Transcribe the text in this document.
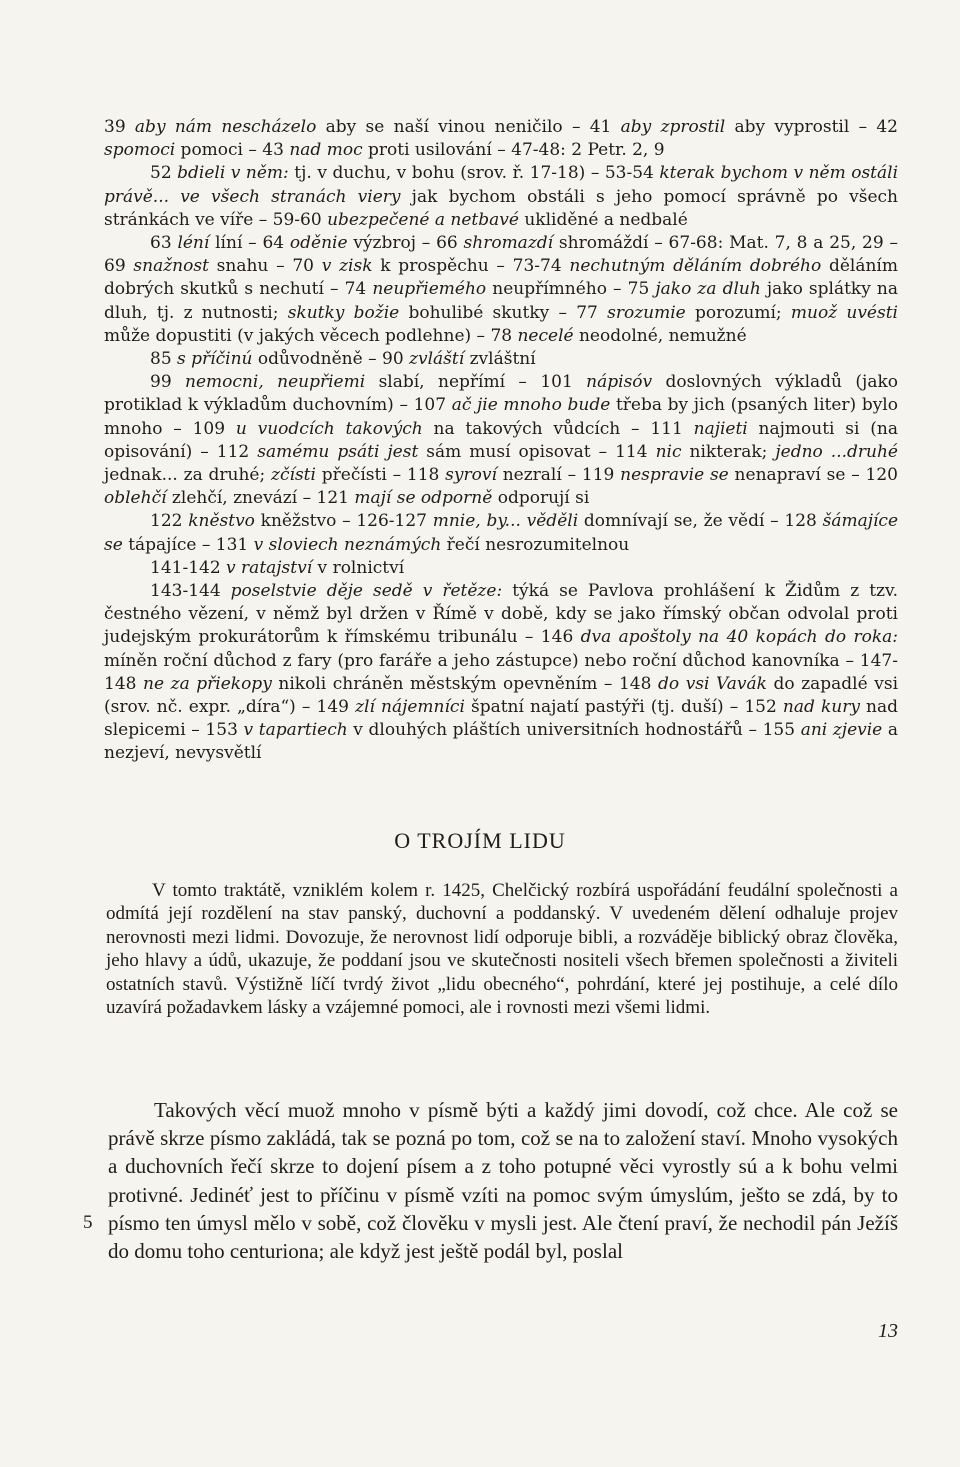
39 aby nám nescházelo aby se naší vinou neničilo – 41 aby zprostil aby vyprostil – 42 spomoci pomoci – 43 nad moc proti usilování – 47-48: 2 Petr. 2, 9

52 bdieli v něm: tj. v duchu, v bohu (srov. ř. 17-18) – 53-54 kterak bychom v něm ostáli právě... ve všech stranách viery jak bychom obstáli s jeho pomocí správně po všech stránkách ve víře – 59-60 ubezpečené a netbavé ukliděné a nedbalé

63 léní líní – 64 oděnie výzbroj – 66 shromazdí shromáždí – 67-68: Mat. 7, 8 a 25, 29 – 69 snažnost snahu – 70 v zisk k prospěchu – 73-74 nechutným děláním dobrého děláním dobrých skutků s nechutí – 74 neupřiemého neupřímného – 75 jako za dluh jako splátky na dluh, tj. z nutnosti; skutky božie bohulibé skutky – 77 srozumie porozumí; muož uvésti může dopustiti (v jakých věcech podlehne) – 78 necelé neodolné, nemužné

85 s příčinú odůvodněně – 90 zvláští zvláštní

99 nemocni, neupřiemi slabí, nepřímí – 101 nápisóv doslovných výkladů (jako protiklad k výkladům duchovním) – 107 ač jie mnoho bude třeba by jich (psaných liter) bylo mnoho – 109 u vuodcích takových na takových vůdcích – 111 najieti najmouti si (na opisování) – 112 samému psáti jest sám musí opisovat – 114 nic nikterak; jedno ...druhé jednak... za druhé; zčísti přečísti – 118 syroví nezralí – 119 nespravie se nenapraví se – 120 oblehčí zlehčí, znevází – 121 mají se odporně odporují si

122 kněstvo kněžstvo – 126-127 mnie, by... věděli domnívají se, že vědí – 128 šámajíce se tápajíce – 131 v sloviech neznámých řečí nesrozumitelnou

141-142 v ratajství v rolnictví

143-144 poselstvie děje sedě v řetěze: týká se Pavlova prohlášení k Židům z tzv. čestného vězení, v němž byl držen v Římě v době, kdy se jako římský občan odvolal proti judejským prokurátorům k římskému tribunálu – 146 dva apoštoly na 40 kopách do roka: míněn roční důchod z fary (pro faráře a jeho zástupce) nebo roční důchod kanovníka – 147-148 ne za přiekopy nikoli chráněn městským opevněním – 148 do vsi Vavák do zapadlé vsi (srov. nč. expr. „díra“) – 149 zlí nájemníci špatní najatí pastýři (tj. duší) – 152 nad kury nad slepicemi – 153 v tapartiech v dlouhých pláštích universitních hodnostářů – 155 ani zjevie a nezjeví, nevysvětlí

O TROJÍM LIDU

V tomto traktátě, vzniklém kolem r. 1425, Chelčický rozbírá uspořádání feudální společnosti a odmítá její rozdělení na stav panský, duchovní a poddanský. V uvedeném dělení odhaluje projev nerovnosti mezi lidmi. Dovozuje, že nerovnost lidí odporuje bibli, a rozváděje biblický obraz člověka, jeho hlavy a údů, ukazuje, že poddaní jsou ve skutečnosti nositeli všech břemen společnosti a živiteli ostatních stavů. Výstižně líčí tvrdý život „lidu obecného“, pohrdání, které jej postihuje, a celé dílo uzavírá požadavkem lásky a vzájemné pomoci, ale i rovnosti mezi všemi lidmi.

Takových věcí muož mnoho v písmě býti a každý jimi dovodí, což chce. Ale což se právě skrze písmo zakládá, tak se pozná po tom, což se na to založení staví. Mnoho vysokých a duchovních řečí skrze to dojení písem a z toho potupné věci vyrostly sú a k bohu velmi protivné. Jedinéť jest to příčinu v písmě vzíti na pomoc svým úmyslúm, ješto se zdá, by to písmo ten úmysl mělo v sobě, což člověku v mysli jest. Ale čtení praví, že nechodil pán Ježíš do domu toho centuriona; ale když jest ještě podál byl, poslal

5
13
